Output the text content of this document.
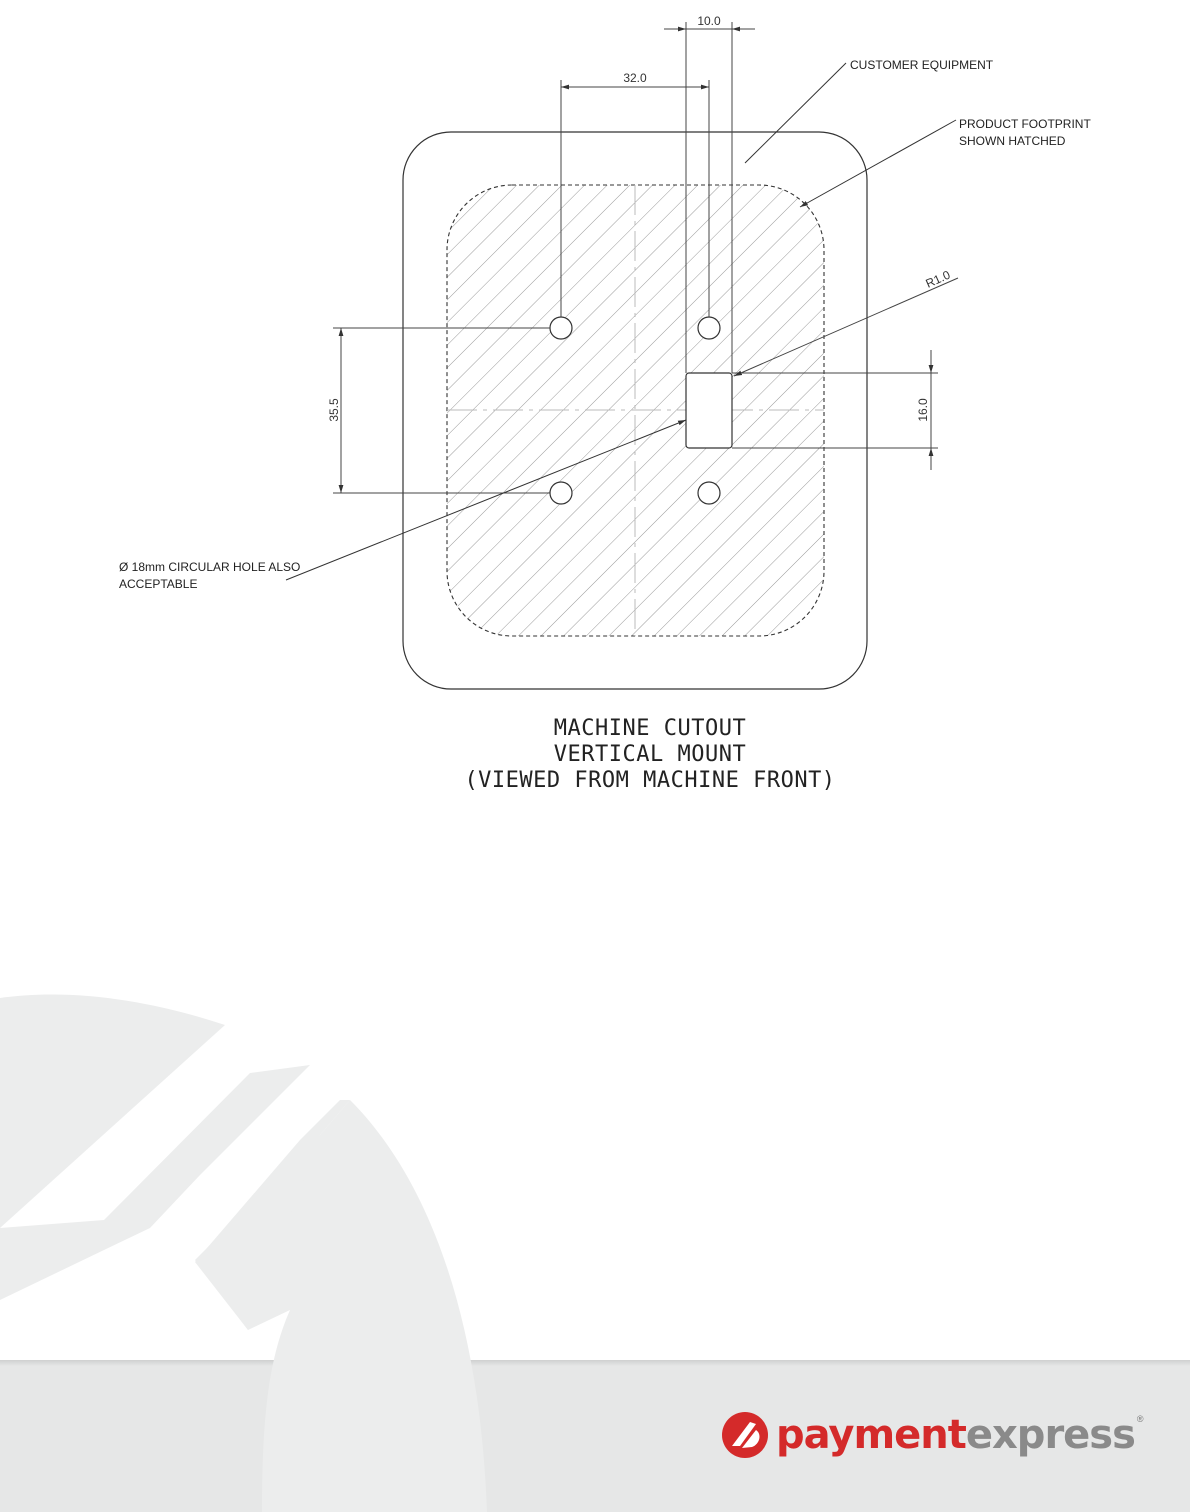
10.0
32.0
35.5	16.0
R1.0
CUSTOMER EQUIPMENT
PRODUCT FOOTPRINT
SHOWN HATCHED
Ø 18mm CIRCULAR HOLE ALSO
ACCEPTABLE
MACHINE CUTOUT
VERTICAL MOUNT
(VIEWED FROM MACHINE FRONT)
paymentexpress ®
